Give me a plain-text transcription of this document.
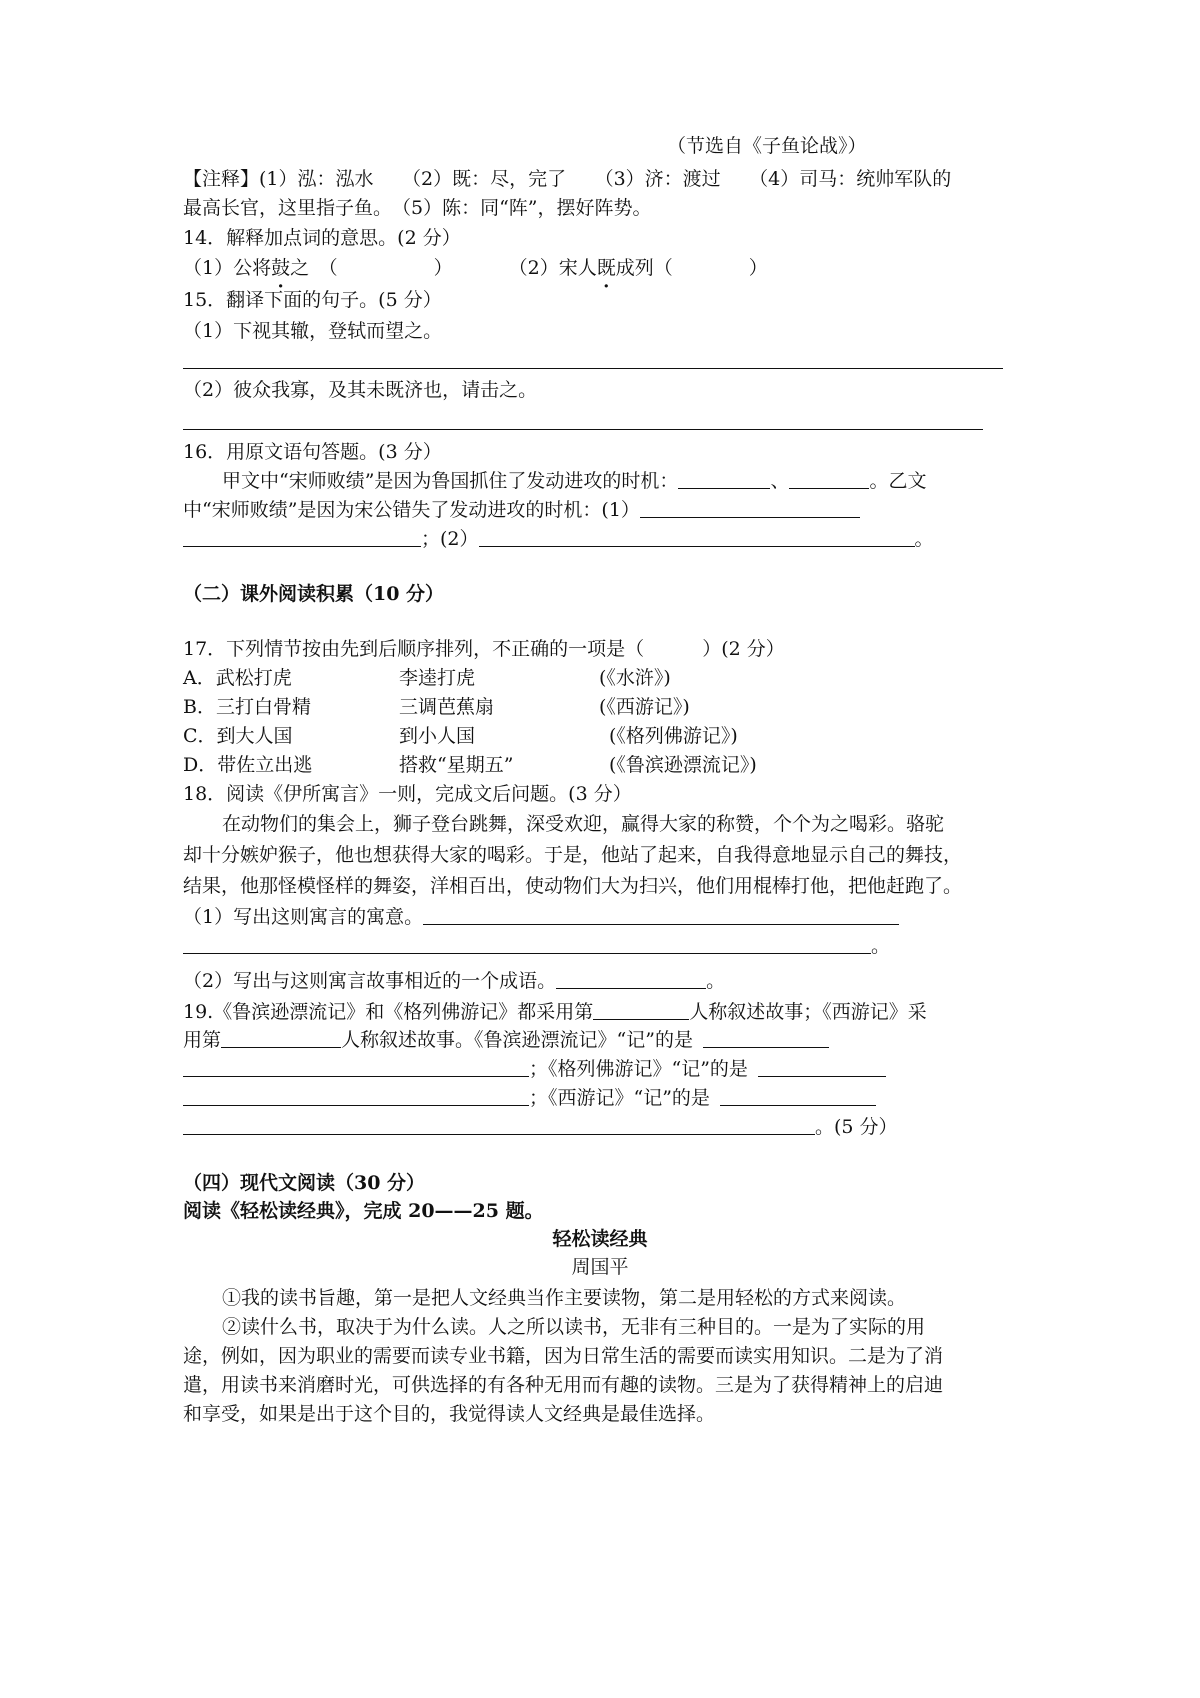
（节选自《子鱼论战》）
【注释】(1）泓：泓水　　（2）既：尽，完了　　（3）济：渡过　　（4）司马：统帅军队的
最高长官，这里指子鱼。　（5）陈：同“阵”，摆好阵势。
14．解释加点词的意思。(2 分）
（1）公将鼓之　（	）	（2）宋人既成列（	）
15．翻译下面的句子。(5 分）
（1）下视其辙，登轼而望之。
（2）彼众我寡，及其未既济也，请击之。
16．用原文语句答题。(3 分）
甲文中“宋师败绩”是因为鲁国抓住了发动进攻的时机：	、	。乙文
中“宋师败绩”是因为宋公错失了发动进攻的时机：(1）
；(2）	。
（二）课外阅读积累（10 分）
17．下列情节按由先到后顺序排列，不正确的一项是（	）(2 分）
A．武松打虎	李逵打虎	(《水浒》)
B．三打白骨精	三调芭蕉扇	(《西游记》)
C．到大人国	到小人国	(《格列佛游记》)
D．带佐立出逃	搭救“星期五”	(《鲁滨逊漂流记》)
18．阅读《伊所寓言》一则，完成文后问题。(3 分）
在动物们的集会上，狮子登台跳舞，深受欢迎，赢得大家的称赞，个个为之喝彩。骆驼
却十分嫉妒猴子，他也想获得大家的喝彩。于是，他站了起来，自我得意地显示自己的舞技，
结果，他那怪模怪样的舞姿，洋相百出，使动物们大为扫兴，他们用棍棒打他，把他赶跑了。
（1）写出这则寓言的寓意。
。
（2）写出与这则寓言故事相近的一个成语。	。
19.《鲁滨逊漂流记》和《格列佛游记》都采用第	人称叙述故事；《西游记》采
用第	人称叙述故事。《鲁滨逊漂流记》“记”的是
；《格列佛游记》“记”的是
；《西游记》“记”的是
。(5 分）
（四）现代文阅读（30 分）
阅读《轻松读经典》，完成 20——25 题。
轻松读经典
周国平
①我的读书旨趣，第一是把人文经典当作主要读物，第二是用轻松的方式来阅读。
②读什么书，取决于为什么读。人之所以读书，无非有三种目的。一是为了实际的用
途，例如，因为职业的需要而读专业书籍，因为日常生活的需要而读实用知识。二是为了消
遣，用读书来消磨时光，可供选择的有各种无用而有趣的读物。三是为了获得精神上的启迪
和享受，如果是出于这个目的，我觉得读人文经典是最佳选择。
